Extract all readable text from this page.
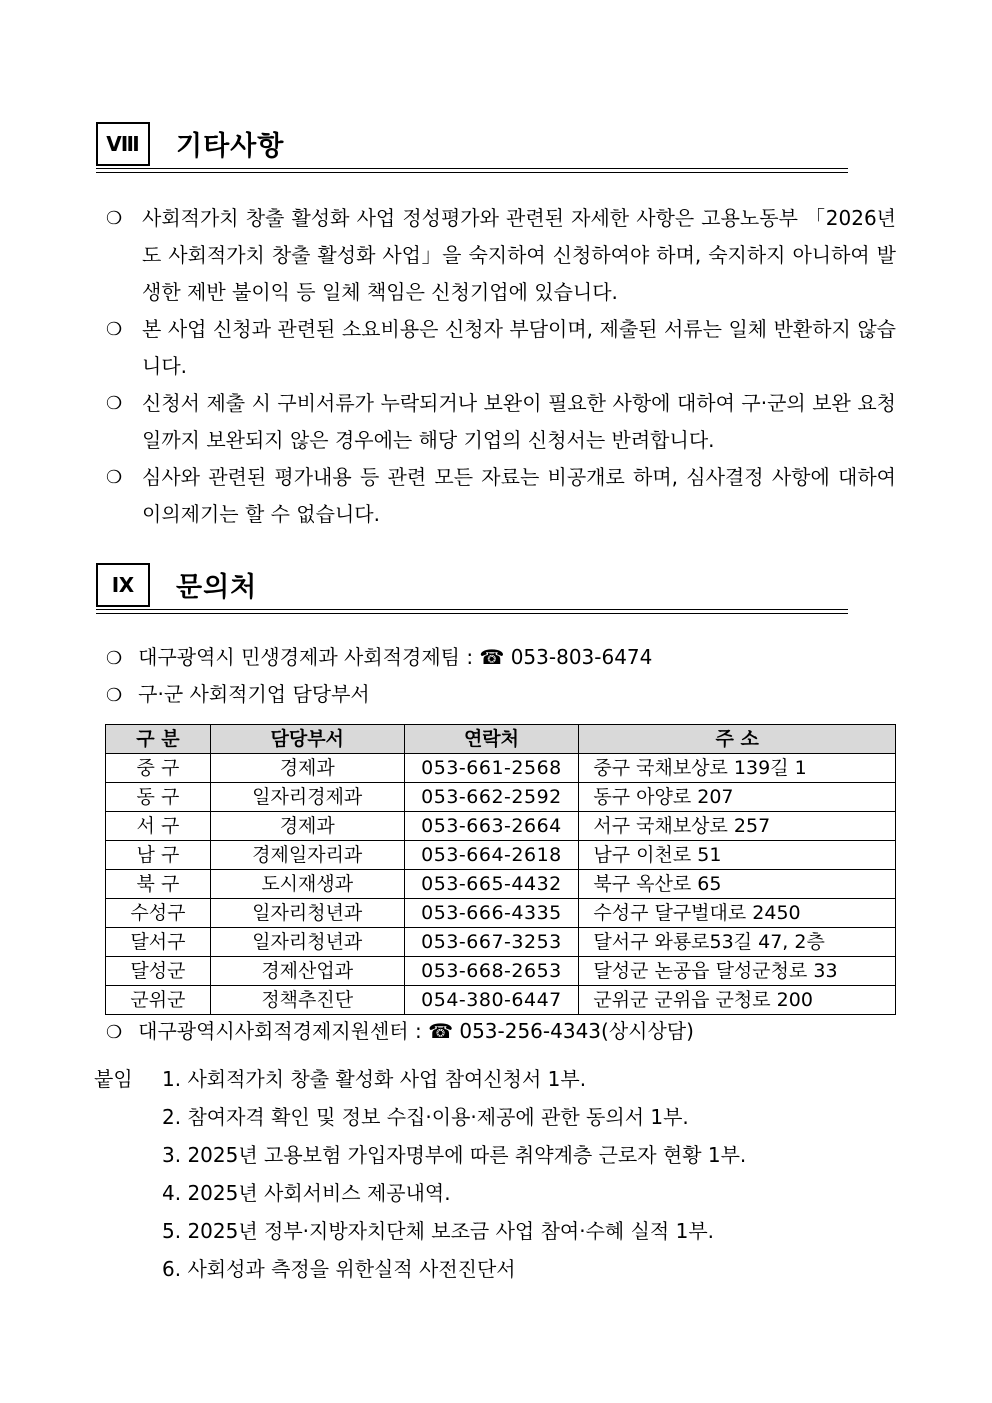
Ⅷ	기타사항
❍ 사회적가치 창출 활성화 사업 정성평가와 관련된 자세한 사항은 고용노동부 「2026년도 사회적가치 창출 활성화 사업」을 숙지하여 신청하여야 하며, 숙지하지 아니하여 발생한 제반 불이익 등 일체 책임은 신청기업에 있습니다.
❍ 본 사업 신청과 관련된 소요비용은 신청자 부담이며, 제출된 서류는 일체 반환하지 않습니다.
❍ 신청서 제출 시 구비서류가 누락되거나 보완이 필요한 사항에 대하여 구·군의 보완 요청일까지 보완되지 않은 경우에는 해당 기업의 신청서는 반려합니다.
❍ 심사와 관련된 평가내용 등 관련 모든 자료는 비공개로 하며, 심사결정 사항에 대하여 이의제기는 할 수 없습니다.
Ⅸ	문의처
❍ 대구광역시 민생경제과 사회적경제팀 : ☎ 053-803-6474
❍ 구·군 사회적기업 담당부서
구 분	담당부서	연락처	주 소
중 구	경제과	053-661-2568	중구 국채보상로 139길 1
동 구	일자리경제과	053-662-2592	동구 아양로 207
서 구	경제과	053-663-2664	서구 국채보상로 257
남 구	경제일자리과	053-664-2618	남구 이천로 51
북 구	도시재생과	053-665-4432	북구 옥산로 65
수성구	일자리청년과	053-666-4335	수성구 달구벌대로 2450
달서구	일자리청년과	053-667-3253	달서구 와룡로53길 47, 2층
달성군	경제산업과	053-668-2653	달성군 논공읍 달성군청로 33
군위군	정책추진단	054-380-6447	군위군 군위읍 군청로 200
❍ 대구광역시사회적경제지원센터 : ☎ 053-256-4343(상시상담)
붙임	1. 사회적가치 창출 활성화 사업 참여신청서 1부.
2. 참여자격 확인 및 정보 수집·이용·제공에 관한 동의서 1부.
3. 2025년 고용보험 가입자명부에 따른 취약계층 근로자 현황 1부.
4. 2025년 사회서비스 제공내역.
5. 2025년 정부·지방자치단체 보조금 사업 참여·수혜 실적 1부.
6. 사회성과 측정을 위한실적 사전진단서
